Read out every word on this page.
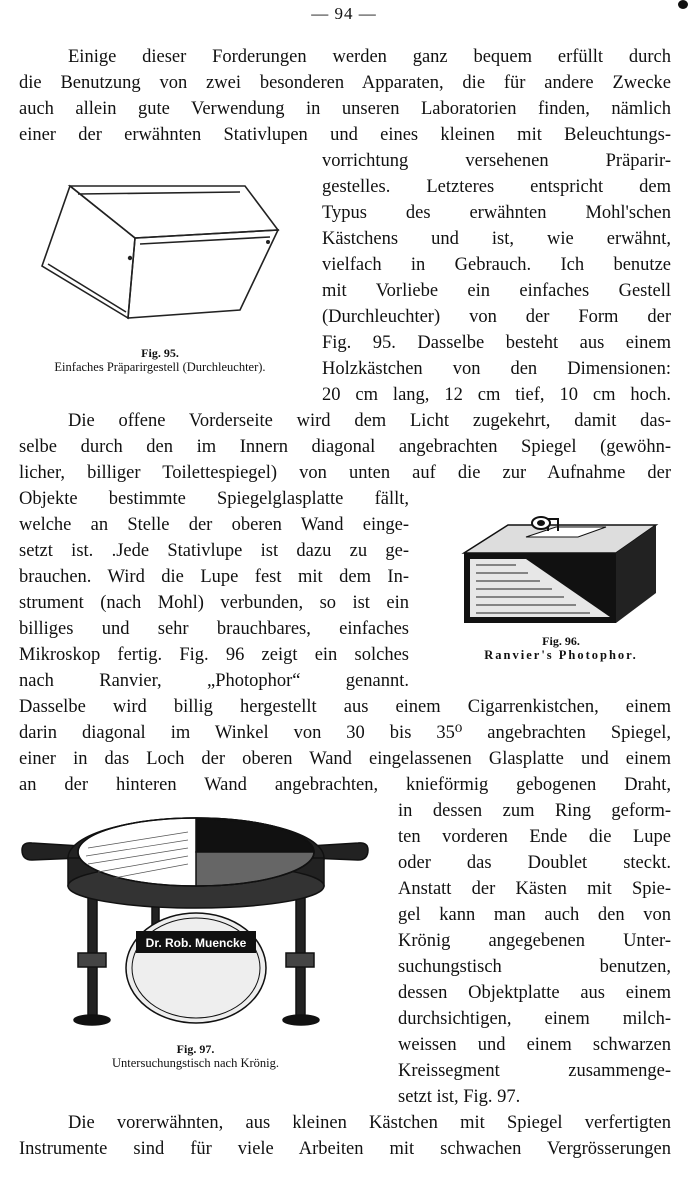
— 94 —
Einige dieser Forderungen werden ganz bequem erfüllt durch
die Benutzung von zwei besonderen Apparaten, die für andere Zwecke
auch allein gute Verwendung in unseren Laboratorien finden, nämlich
einer der erwähnten Stativlupen und eines kleinen mit Beleuchtungs-
vorrichtung versehenen Präparir-
gestelles. Letzteres entspricht dem
Typus des erwähnten Mohl'schen
Kästchens und ist, wie erwähnt,
vielfach in Gebrauch. Ich benutze
mit Vorliebe ein einfaches Gestell
(Durchleuchter) von der Form der
Fig. 95. Dasselbe besteht aus einem
Holzkästchen von den Dimensionen:
20 cm lang, 12 cm tief, 10 cm hoch.
Fig. 95.
Einfaches Präparirgestell (Durchleuchter).
Die offene Vorderseite wird dem Licht zugekehrt, damit das-
selbe durch den im Innern diagonal angebrachten Spiegel (gewöhn-
licher, billiger Toilettespiegel) von unten auf die zur Aufnahme der
Objekte bestimmte Spiegelglasplatte fällt,
welche an Stelle der oberen Wand einge-
setzt ist. .Jede Stativlupe ist dazu zu ge-
brauchen. Wird die Lupe fest mit dem In-
strument (nach Mohl) verbunden, so ist ein
billiges und sehr brauchbares, einfaches
Mikroskop fertig. Fig. 96 zeigt ein solches
nach Ranvier, „Photophor“ genannt.
Fig. 96.
Ranvier's Photophor.
Dasselbe wird billig hergestellt aus einem Cigarrenkistchen, einem
darin diagonal im Winkel von 30 bis 35⁰ angebrachten Spiegel,
einer in das Loch der oberen Wand eingelassenen Glasplatte und einem
an der hinteren Wand angebrachten, knieförmig gebogenen Draht,
in dessen zum Ring geform-
ten vorderen Ende die Lupe
oder das Doublet steckt.
Anstatt der Kästen mit Spie-
gel kann man auch den von
Krönig angegebenen Unter-
suchungstisch benutzen,
dessen Objektplatte aus einem
durchsichtigen, einem milch-
weissen und einem schwarzen
Kreissegment zusammenge-
setzt ist, Fig. 97.
Dr. Rob. Muencke
Fig. 97.
Untersuchungstisch nach Krönig.
Die vorerwähnten, aus kleinen Kästchen mit Spiegel verfertigten
Instrumente sind für viele Arbeiten mit schwachen Vergrösserungen
